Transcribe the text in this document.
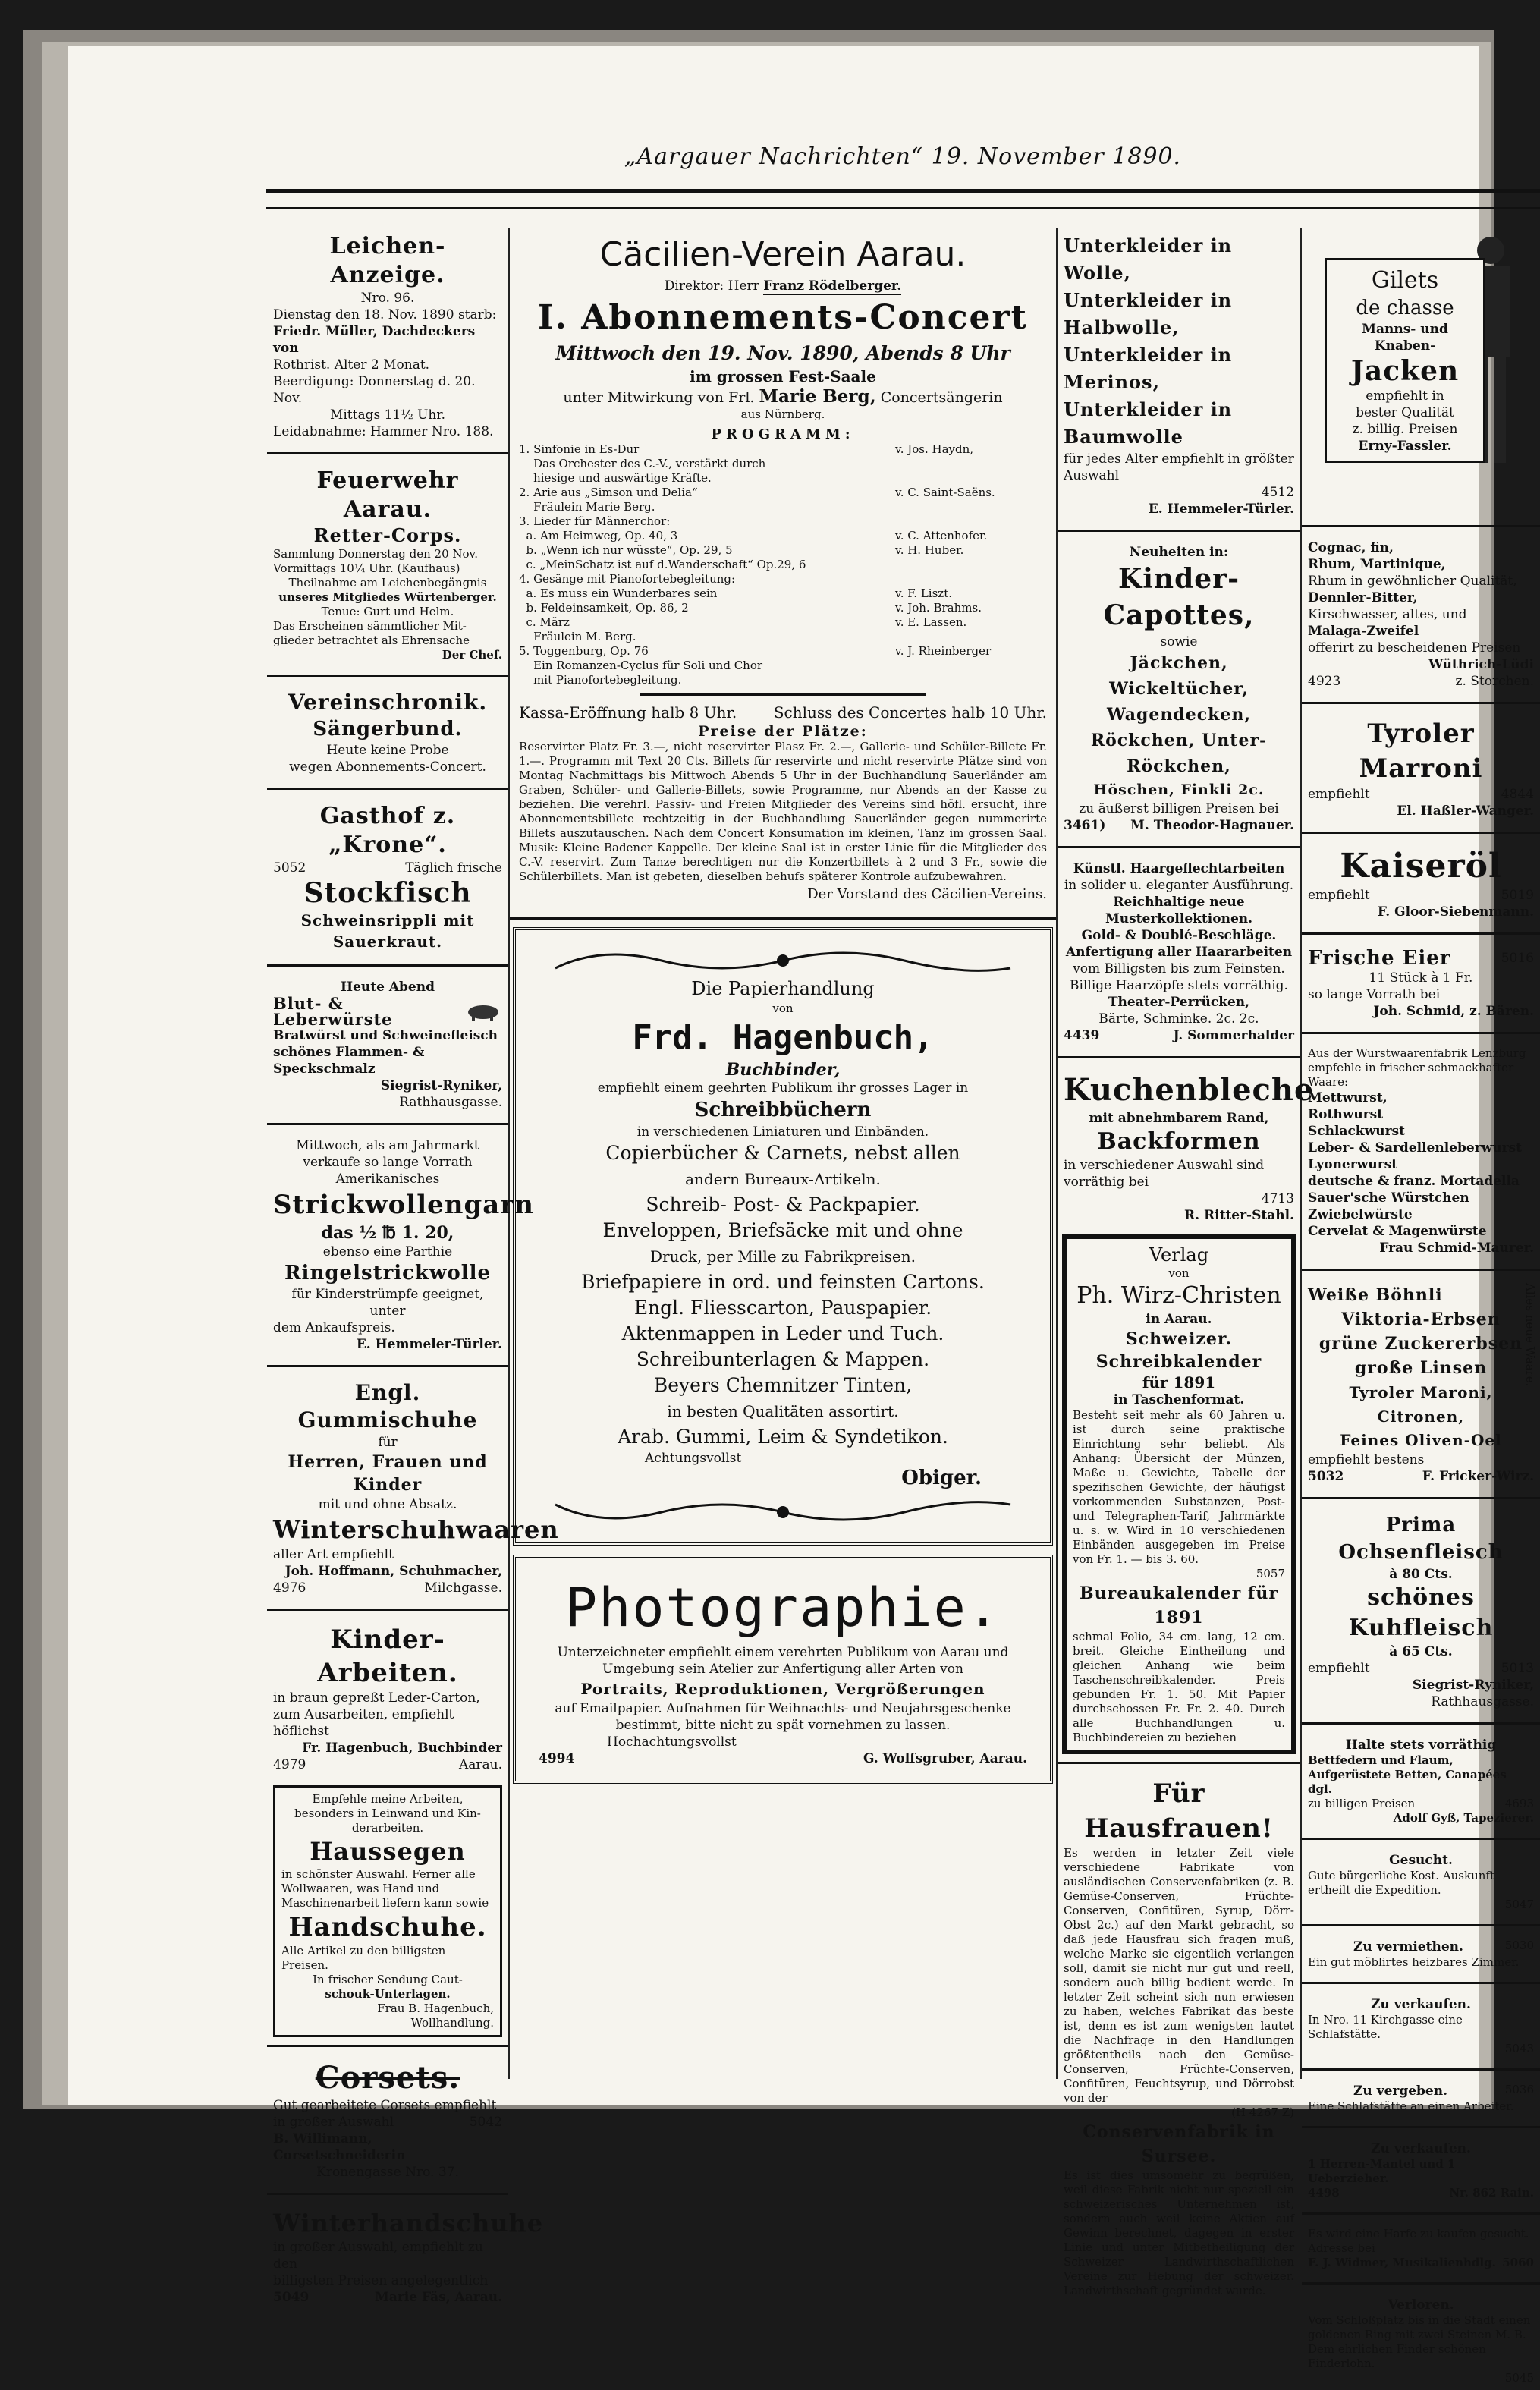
„Aargauer Nachrichten“ 19. November 1890.
Leichen-Anzeige.
Nro. 96.
Dienstag den 18. Nov. 1890 starb:
Friedr. Müller, Dachdeckers von
Rothrist. Alter 2 Monat.
Beerdigung: Donnerstag d. 20. Nov.
Mittags 11½ Uhr.
Leidabnahme: Hammer Nro. 188.
Feuerwehr Aarau.
Retter-Corps.
Sammlung Donnerstag den 20 Nov.
Vormittags 10¼ Uhr. (Kaufhaus)
Theilnahme am Leichenbegängnis
unseres Mitgliedes Würtenberger.
Tenue: Gurt und Helm.
Das Erscheinen sämmtlicher Mit-
glieder betrachtet als Ehrensache
Der Chef.
Vereinschronik.
Sängerbund.
Heute keine Probe
wegen Abonnements-Concert.
Gasthof z. „Krone“.
5052	Täglich frische
Stockfisch
Schweinsrippli mit Sauerkraut.
Heute Abend
Blut- & Leberwürste
Bratwürst und Schweinefleisch
schönes Flammen- & Speckschmalz
Siegrist-Ryniker,
Rathhausgasse.
Mittwoch, als am Jahrmarkt
verkaufe so lange Vorrath
Amerikanisches
Strickwollengarn
das ½ ℔ 1. 20,
ebenso eine Parthie
Ringelstrickwolle
für Kinderstrümpfe geeignet, unter
dem Ankaufspreis.
E. Hemmeler-Türler.
Engl. Gummischuhe
für
Herren, Frauen und Kinder
mit und ohne Absatz.
Winterschuhwaaren
aller Art empfiehlt
Joh. Hoffmann, Schuhmacher,
4976	Milchgasse.
Kinder-Arbeiten.
in braun gepreßt Leder-Carton,
zum Ausarbeiten, empfiehlt höflichst
Fr. Hagenbuch, Buchbinder
4979	Aarau.
Empfehle meine Arbeiten,
besonders in Leinwand und Kin-
derarbeiten.
Haussegen
in schönster Auswahl. Ferner alle
Wollwaaren, was Hand und
Maschinenarbeit liefern kann sowie
Handschuhe.
Alle Artikel zu den billigsten
Preisen.
In frischer Sendung Caut-
schouk-Unterlagen.
Frau B. Hagenbuch,
Wollhandlung.
Corsets.
Gut gearbeitete Corsets empfiehlt
in großer Auswahl	5042
B. Willimann, Corsetschneiderin
Kronengasse Nro. 37.
Winterhandschuhe
in großer Auswahl, empfiehlt zu den
billigsten Preisen angelegentlich
5049	Marie Fäs, Aarau.
Cäcilien-Verein Aarau.
Direktor: Herr Franz Rödelberger.
I. Abonnements-Concert
Mittwoch den 19. Nov. 1890, Abends 8 Uhr
im grossen Fest-Saale
unter Mitwirkung von Frl. Marie Berg, Concertsängerin
aus Nürnberg.
PROGRAMM:
1. Sinfonie in Es-Dur	v. Jos. Haydn,
Das Orchester des C.-V., verstärkt durch
hiesige und auswärtige Kräfte.
2. Arie aus „Simson und Delia“	v. C. Saint-Saëns.
Fräulein Marie Berg.
3. Lieder für Männerchor:
a. Am Heimweg, Op. 40, 3	v. C. Attenhofer.
b. „Wenn ich nur wüsste“, Op. 29, 5	v. H. Huber.
c. „MeinSchatz ist auf d.Wanderschaft“ Op.29, 6
4. Gesänge mit Pianofortebegleitung:
a. Es muss ein Wunderbares sein	v. F. Liszt.
b. Feldeinsamkeit, Op. 86, 2	v. Joh. Brahms.
c. März	v. E. Lassen.
Fräulein M. Berg.
5. Toggenburg, Op. 76	v. J. Rheinberger
Ein Romanzen-Cyclus für Soli und Chor
mit Pianofortebegleitung.
Kassa-Eröffnung halb 8 Uhr. Schluss des Concertes halb 10 Uhr.
Preise der Plätze:
Reservirter Platz Fr. 3.—, nicht reservirter Plasz Fr. 2.—, Gallerie- und Schüler-Billete Fr. 1.—. Programm mit Text 20 Cts. Billets für reservirte und nicht reservirte Plätze sind von Montag Nachmittags bis Mittwoch Abends 5 Uhr in der Buchhandlung Sauerländer am Graben, Schüler- und Gallerie-Billets, sowie Programme, nur Abends an der Kasse zu beziehen. Die verehrl. Passiv- und Freien Mitglieder des Vereins sind höfl. ersucht, ihre Abonnementsbillete rechtzeitig in der Buchhandlung Sauerländer gegen nummerirte Billets auszutauschen. Nach dem Concert Konsumation im kleinen, Tanz im grossen Saal. Musik: Kleine Badener Kappelle. Der kleine Saal ist in erster Linie für die Mitglieder des C.-V. reservirt. Zum Tanze berechtigen nur die Konzertbillets à 2 und 3 Fr., sowie die Schülerbillets. Man ist gebeten, dieselben behufs späterer Kontrole aufzubewahren.
Der Vorstand des Cäcilien-Vereins.
Die Papierhandlung
von
Frd. Hagenbuch,
Buchbinder,
empfiehlt einem geehrten Publikum ihr grosses Lager in
Schreibbüchern
in verschiedenen Liniaturen und Einbänden.
Copierbücher & Carnets, nebst allen
andern Bureaux-Artikeln.
Schreib- Post- & Packpapier.
Enveloppen, Briefsäcke mit und ohne
Druck, per Mille zu Fabrikpreisen.
Briefpapiere in ord. und feinsten Cartons.
Engl. Fliesscarton, Pauspapier.
Aktenmappen in Leder und Tuch.
Schreibunterlagen & Mappen.
Beyers Chemnitzer Tinten,
in besten Qualitäten assortirt.
Arab. Gummi, Leim & Syndetikon.
Achtungsvollst
Obiger.
Photographie.
Unterzeichneter empfiehlt einem verehrten Publikum von Aarau und Umgebung sein Atelier zur Anfertigung aller Arten von
Portraits, Reproduktionen, Vergrößerungen
auf Emailpapier. Aufnahmen für Weihnachts- und Neujahrsgeschenke bestimmt, bitte nicht zu spät vornehmen zu lassen.
Hochachtungsvollst
4994	G. Wolfsgruber, Aarau.
Unterkleider in Wolle,
Unterkleider in Halbwolle,
Unterkleider in Merinos,
Unterkleider in Baumwolle
für jedes Alter empfiehlt in größter Auswahl
4512
E. Hemmeler-Türler.
Neuheiten in:
Kinder-Capottes,
sowie
Jäckchen, Wickeltücher,
Wagendecken,
Röckchen, Unter-Röckchen,
Höschen, Finkli 2c.
zu äußerst billigen Preisen bei
3461) M. Theodor-Hagnauer.
Künstl. Haargeflechtarbeiten
in solider u. eleganter Ausführung.
Reichhaltige neue Musterkollektionen.
Gold- & Doublé-Beschläge.
Anfertigung aller Haararbeiten
vom Billigsten bis zum Feinsten.
Billige Haarzöpfe stets vorräthig.
Theater-Perrücken,
Bärte, Schminke. 2c. 2c.
4439	J. Sommerhalder
Kuchenbleche
mit abnehmbarem Rand,
Backformen
in verschiedener Auswahl sind vorräthig bei
4713
R. Ritter-Stahl.
Verlag
von
Ph. Wirz-Christen
in Aarau.
Schweizer. Schreibkalender
für 1891
in Taschenformat.
Besteht seit mehr als 60 Jahren u. ist durch seine praktische Einrichtung sehr beliebt. Als Anhang: Übersicht der Münzen, Maße u. Gewichte, Tabelle der spezifischen Gewichte, der häufigst vorkommenden Substanzen, Post- und Telegraphen-Tarif, Jahrmärkte u. s. w. Wird in 10 verschiedenen Einbänden ausgegeben im Preise von Fr. 1. — bis 3. 60.
5057
Bureaukalender für 1891
schmal Folio, 34 cm. lang, 12 cm. breit. Gleiche Eintheilung und gleichen Anhang wie beim Taschenschreibkalender. Preis gebunden Fr. 1. 50. Mit Papier durchschossen Fr. Fr. 2. 40. Durch alle Buchhandlungen u. Buchbindereien zu beziehen
Für Hausfrauen!
Es werden in letzter Zeit viele verschiedene Fabrikate von ausländischen Conservenfabriken (z. B. Gemüse-Conserven, Früchte-Conserven, Confitüren, Syrup, Dörr-Obst 2c.) auf den Markt gebracht, so daß jede Hausfrau sich fragen muß, welche Marke sie eigentlich verlangen soll, damit sie nicht nur gut und reell, sondern auch billig bedient werde. In letzter Zeit scheint sich nun erwiesen zu haben, welches Fabrikat das beste ist, denn es ist zum wenigsten lautet die Nachfrage in den Handlungen größtentheils nach den Gemüse-Conserven, Früchte-Conserven, Confitüren, Feuchtsyrup, und Dörrobst von der
(H 4267 Z)
Conservenfabrik in Sursee.
Es ist dies umsomehr zu begrüßen, weil diese Fabrik nicht nur speziell ein schweizerisches Unternehmen ist, sondern auch weil keine Aktien auf Gewinn berechnet, dagegen in erster Linie und unter Mitbetheiligung der Schweizer Landwirthschaftlichen Vereine zur Hebung der schweizer. Landwirthschaft gegründet wurde.
Gilets
de chasse
Manns- und
Knaben-
Jacken
empfiehlt in
bester Qualität
z. billig. Preisen
Erny-Fassler.
Cognac, fin,
Rhum, Martinique,
Rhum in gewöhnlicher Qualität,
Dennler-Bitter,
Kirschwasser, altes, und
Malaga-Zweifel
offerirt zu bescheidenen Preisen
Wüthrich-Lüdi
4923	z. Storchen.
Tyroler Marroni
empfiehlt	4844
El. Haßler-Wanger.
Kaiseröl
empfiehlt	5019
F. Gloor-Siebenmann.
Frische Eier	5016
11 Stück à 1 Fr.
so lange Vorrath bei
Joh. Schmid, z. Bären.
Aus der Wurstwaarenfabrik Lenzburg empfehle in frischer schmackhafter Waare:
Mettwurst,
Rothwurst
Schlackwurst
Leber- & Sardellenleberwurst
Lyonerwurst
deutsche & franz. Mortadella
Sauer'sche Würstchen
Zwiebelwürste
Cervelat & Magenwürste
Frau Schmid-Maurer.
Alles neue Waare.
Weiße Böhnli
Viktoria-Erbsen
grüne Zuckererbsen
große Linsen
Tyroler Maroni, Citronen,
Feines Oliven-Oel
empfiehlt bestens
5032	F. Fricker-Wirz.
Prima Ochsenfleisch
à 80 Cts.
schönes Kuhfleisch
à 65 Cts.
empfiehlt	5013
Siegrist-Ryniker,
Rathhausgasse.
Halte stets vorräthig
Bettfedern und Flaum, Aufgerüstete Betten, Canapées dgl.
zu billigen Preisen	4693
Adolf Gyß, Tapezierer.
Gesucht.
Gute bürgerliche Kost. Auskunft ertheilt die Expedition.
5047
Zu vermiethen.	5030
Ein gut möblirtes heizbares Zimmer.
Zu verkaufen.
In Nro. 11 Kirchgasse eine Schlafstätte.
5043
Zu vergeben.	5036
Eine Schlafstätte an einen Arbeiter.
Zu verkaufen.
1 Herren-Mantel und 1 Ueberzieher.
4498	Nr. 862 Rain.
Es wird eine Harfe zu kaufen gesucht. Adresse bei
F. J. Widmer, Musikalienhdlg. 5060
Verloren.
Vom Schloßplatz bis in die Stadt einen goldenen Ring mit zwei Steinen M. B. Dem ehrlichen Finder schönen Finderlohn.
5045
